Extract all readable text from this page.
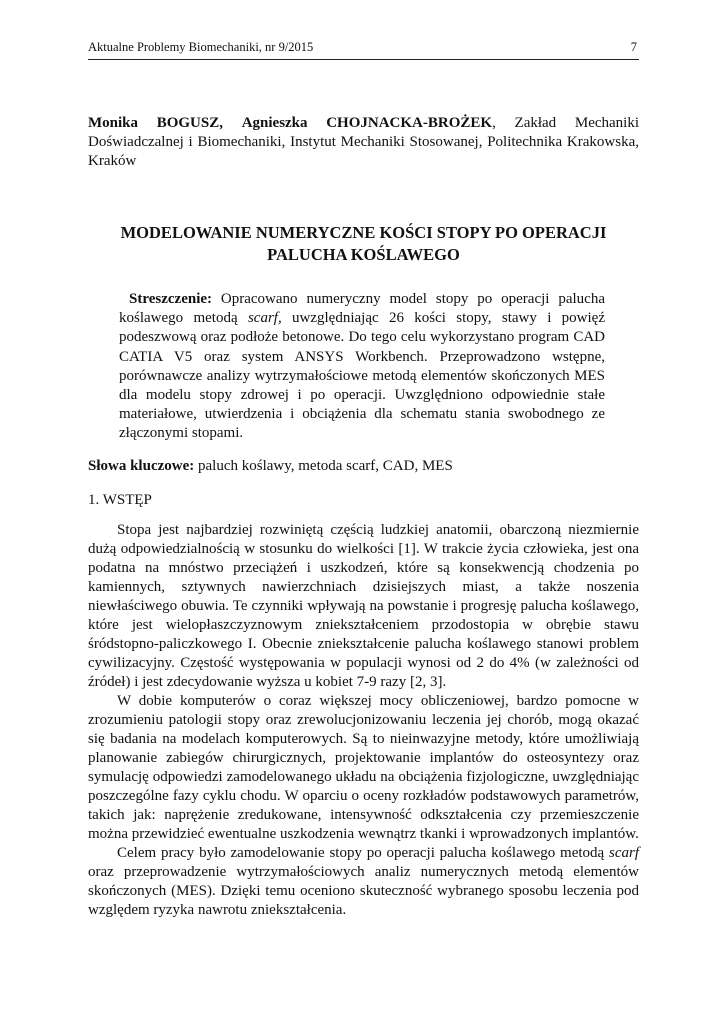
Aktualne Problemy Biomechaniki, nr 9/2015	7
Monika BOGUSZ, Agnieszka CHOJNACKA-BROŻEK, Zakład Mechaniki Doświadczalnej i Biomechaniki, Instytut Mechaniki Stosowanej, Politechnika Krakowska, Kraków
MODELOWANIE NUMERYCZNE KOŚCI STOPY PO OPERACJI
PALUCHA KOŚLAWEGO
Streszczenie: Opracowano numeryczny model stopy po operacji palucha koślawego metodą scarf, uwzględniając 26 kości stopy, stawy i powięź podeszwową oraz podłoże betonowe. Do tego celu wykorzystano program CAD CATIA V5 oraz system ANSYS Workbench. Przeprowadzono wstępne, porównawcze analizy wytrzymałościowe metodą elementów skończonych MES dla modelu stopy zdrowej i po operacji. Uwzględniono odpowiednie stałe materiałowe, utwierdzenia i obciążenia dla schematu stania swobodnego ze złączonymi stopami.
Słowa kluczowe: paluch koślawy, metoda scarf, CAD, MES
1. WSTĘP

Stopa jest najbardziej rozwiniętą częścią ludzkiej anatomii, obarczoną niezmiernie dużą odpowiedzialnością w stosunku do wielkości [1]. W trakcie życia człowieka, jest ona podatna na mnóstwo przeciążeń i uszkodzeń, które są konsekwencją chodzenia po kamiennych, sztywnych nawierzchniach dzisiejszych miast, a także noszenia niewłaściwego obuwia. Te czynniki wpływają na powstanie i progresję palucha koślawego, które jest wielopłaszczyznowym zniekształceniem przodostopia w obrębie stawu śródstopno-paliczkowego I. Obecnie zniekształcenie palucha koślawego stanowi problem cywilizacyjny. Częstość występowania w populacji wynosi od 2 do 4% (w zależności od źródeł) i jest zdecydowanie wyższa u kobiet 7-9 razy [2, 3].

W dobie komputerów o coraz większej mocy obliczeniowej, bardzo pomocne w zrozumieniu patologii stopy oraz zrewolucjonizowaniu leczenia jej chorób, mogą okazać się badania na modelach komputerowych. Są to nieinwazyjne metody, które umożliwiają planowanie zabiegów chirurgicznych, projektowanie implantów do osteosyntezy oraz symulację odpowiedzi zamodelowanego układu na obciążenia fizjologiczne, uwzględniając poszczególne fazy cyklu chodu. W oparciu o oceny rozkładów podstawowych parametrów, takich jak: naprężenie zredukowane, intensywność odkształcenia czy przemieszczenie można przewidzieć ewentualne uszkodzenia wewnątrz tkanki i wprowadzonych implantów.

Celem pracy było zamodelowanie stopy po operacji palucha koślawego metodą scarf oraz przeprowadzenie wytrzymałościowych analiz numerycznych metodą elementów skończonych (MES). Dzięki temu oceniono skuteczność wybranego sposobu leczenia pod względem ryzyka nawrotu zniekształcenia.
